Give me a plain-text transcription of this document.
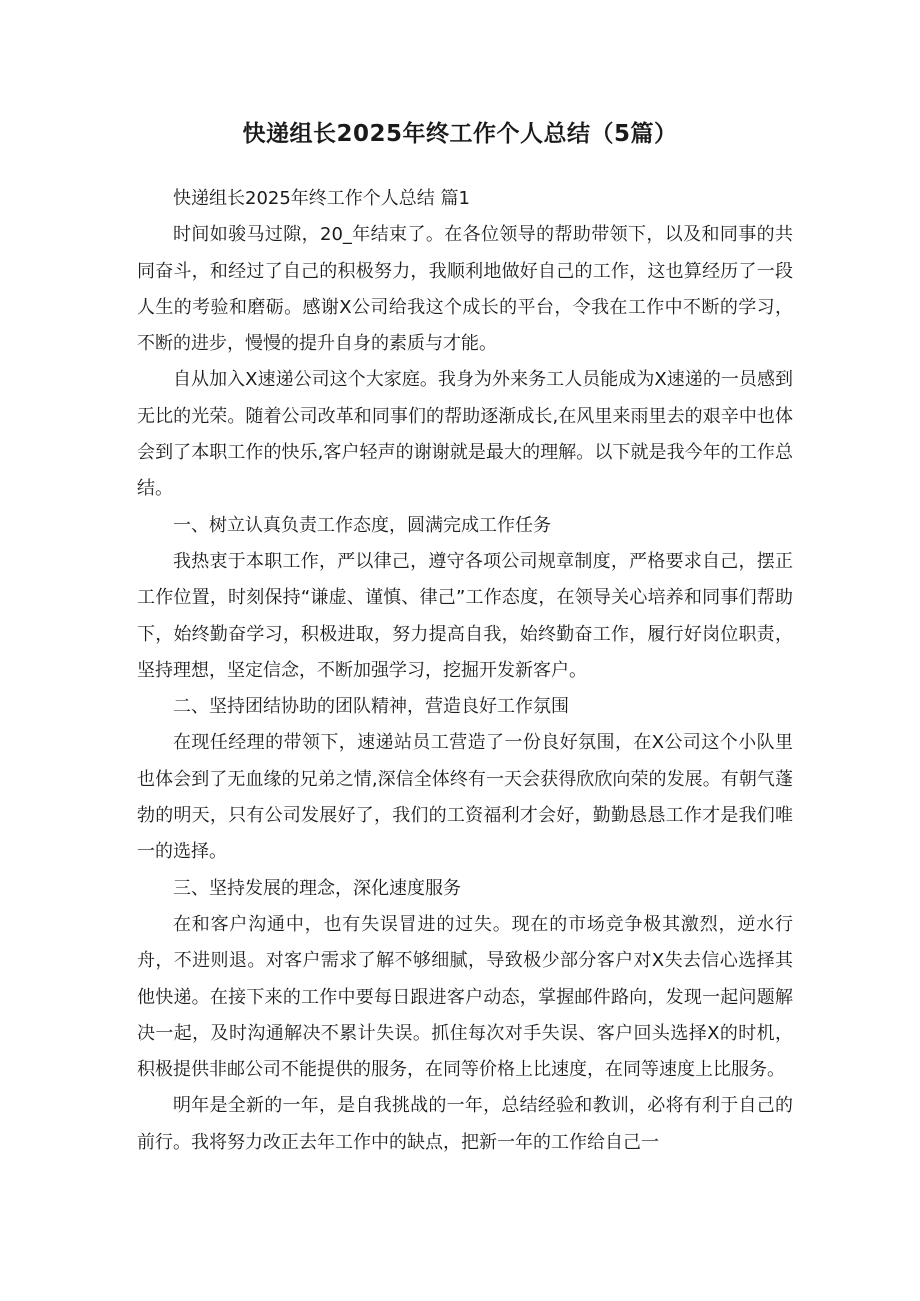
快递组长2025年终工作个人总结（5篇）

快递组长2025年终工作个人总结 篇1

时间如骏马过隙，20_年结束了。在各位领导的帮助带领下，以及和同事的共同奋斗，和经过了自己的积极努力，我顺利地做好自己的工作，这也算经历了一段人生的考验和磨砺。感谢X公司给我这个成长的平台，令我在工作中不断的学习，不断的进步，慢慢的提升自身的素质与才能。

自从加入X速递公司这个大家庭。我身为外来务工人员能成为X速递的一员感到无比的光荣。随着公司改革和同事们的帮助逐渐成长,在风里来雨里去的艰辛中也体会到了本职工作的快乐,客户轻声的谢谢就是最大的理解。以下就是我今年的工作总结。

一、树立认真负责工作态度，圆满完成工作任务

我热衷于本职工作，严以律己，遵守各项公司规章制度，严格要求自己，摆正工作位置，时刻保持“谦虚、谨慎、律己”工作态度，在领导关心培养和同事们帮助下，始终勤奋学习，积极进取，努力提高自我，始终勤奋工作，履行好岗位职责，坚持理想，坚定信念，不断加强学习，挖掘开发新客户。

二、坚持团结协助的团队精神，营造良好工作氛围

在现任经理的带领下，速递站员工营造了一份良好氛围，在X公司这个小队里也体会到了无血缘的兄弟之情,深信全体终有一天会获得欣欣向荣的发展。有朝气蓬勃的明天，只有公司发展好了，我们的工资福利才会好，勤勤恳恳工作才是我们唯一的选择。

三、坚持发展的理念，深化速度服务

在和客户沟通中，也有失误冒进的过失。现在的市场竞争极其激烈，逆水行舟，不进则退。对客户需求了解不够细腻，导致极少部分客户对X失去信心选择其他快递。在接下来的工作中要每日跟进客户动态，掌握邮件路向，发现一起问题解决一起，及时沟通解决不累计失误。抓住每次对手失误、客户回头选择X的时机，积极提供非邮公司不能提供的服务，在同等价格上比速度，在同等速度上比服务。

明年是全新的一年，是自我挑战的一年，总结经验和教训，必将有利于自己的前行。我将努力改正去年工作中的缺点，把新一年的工作给自己一
